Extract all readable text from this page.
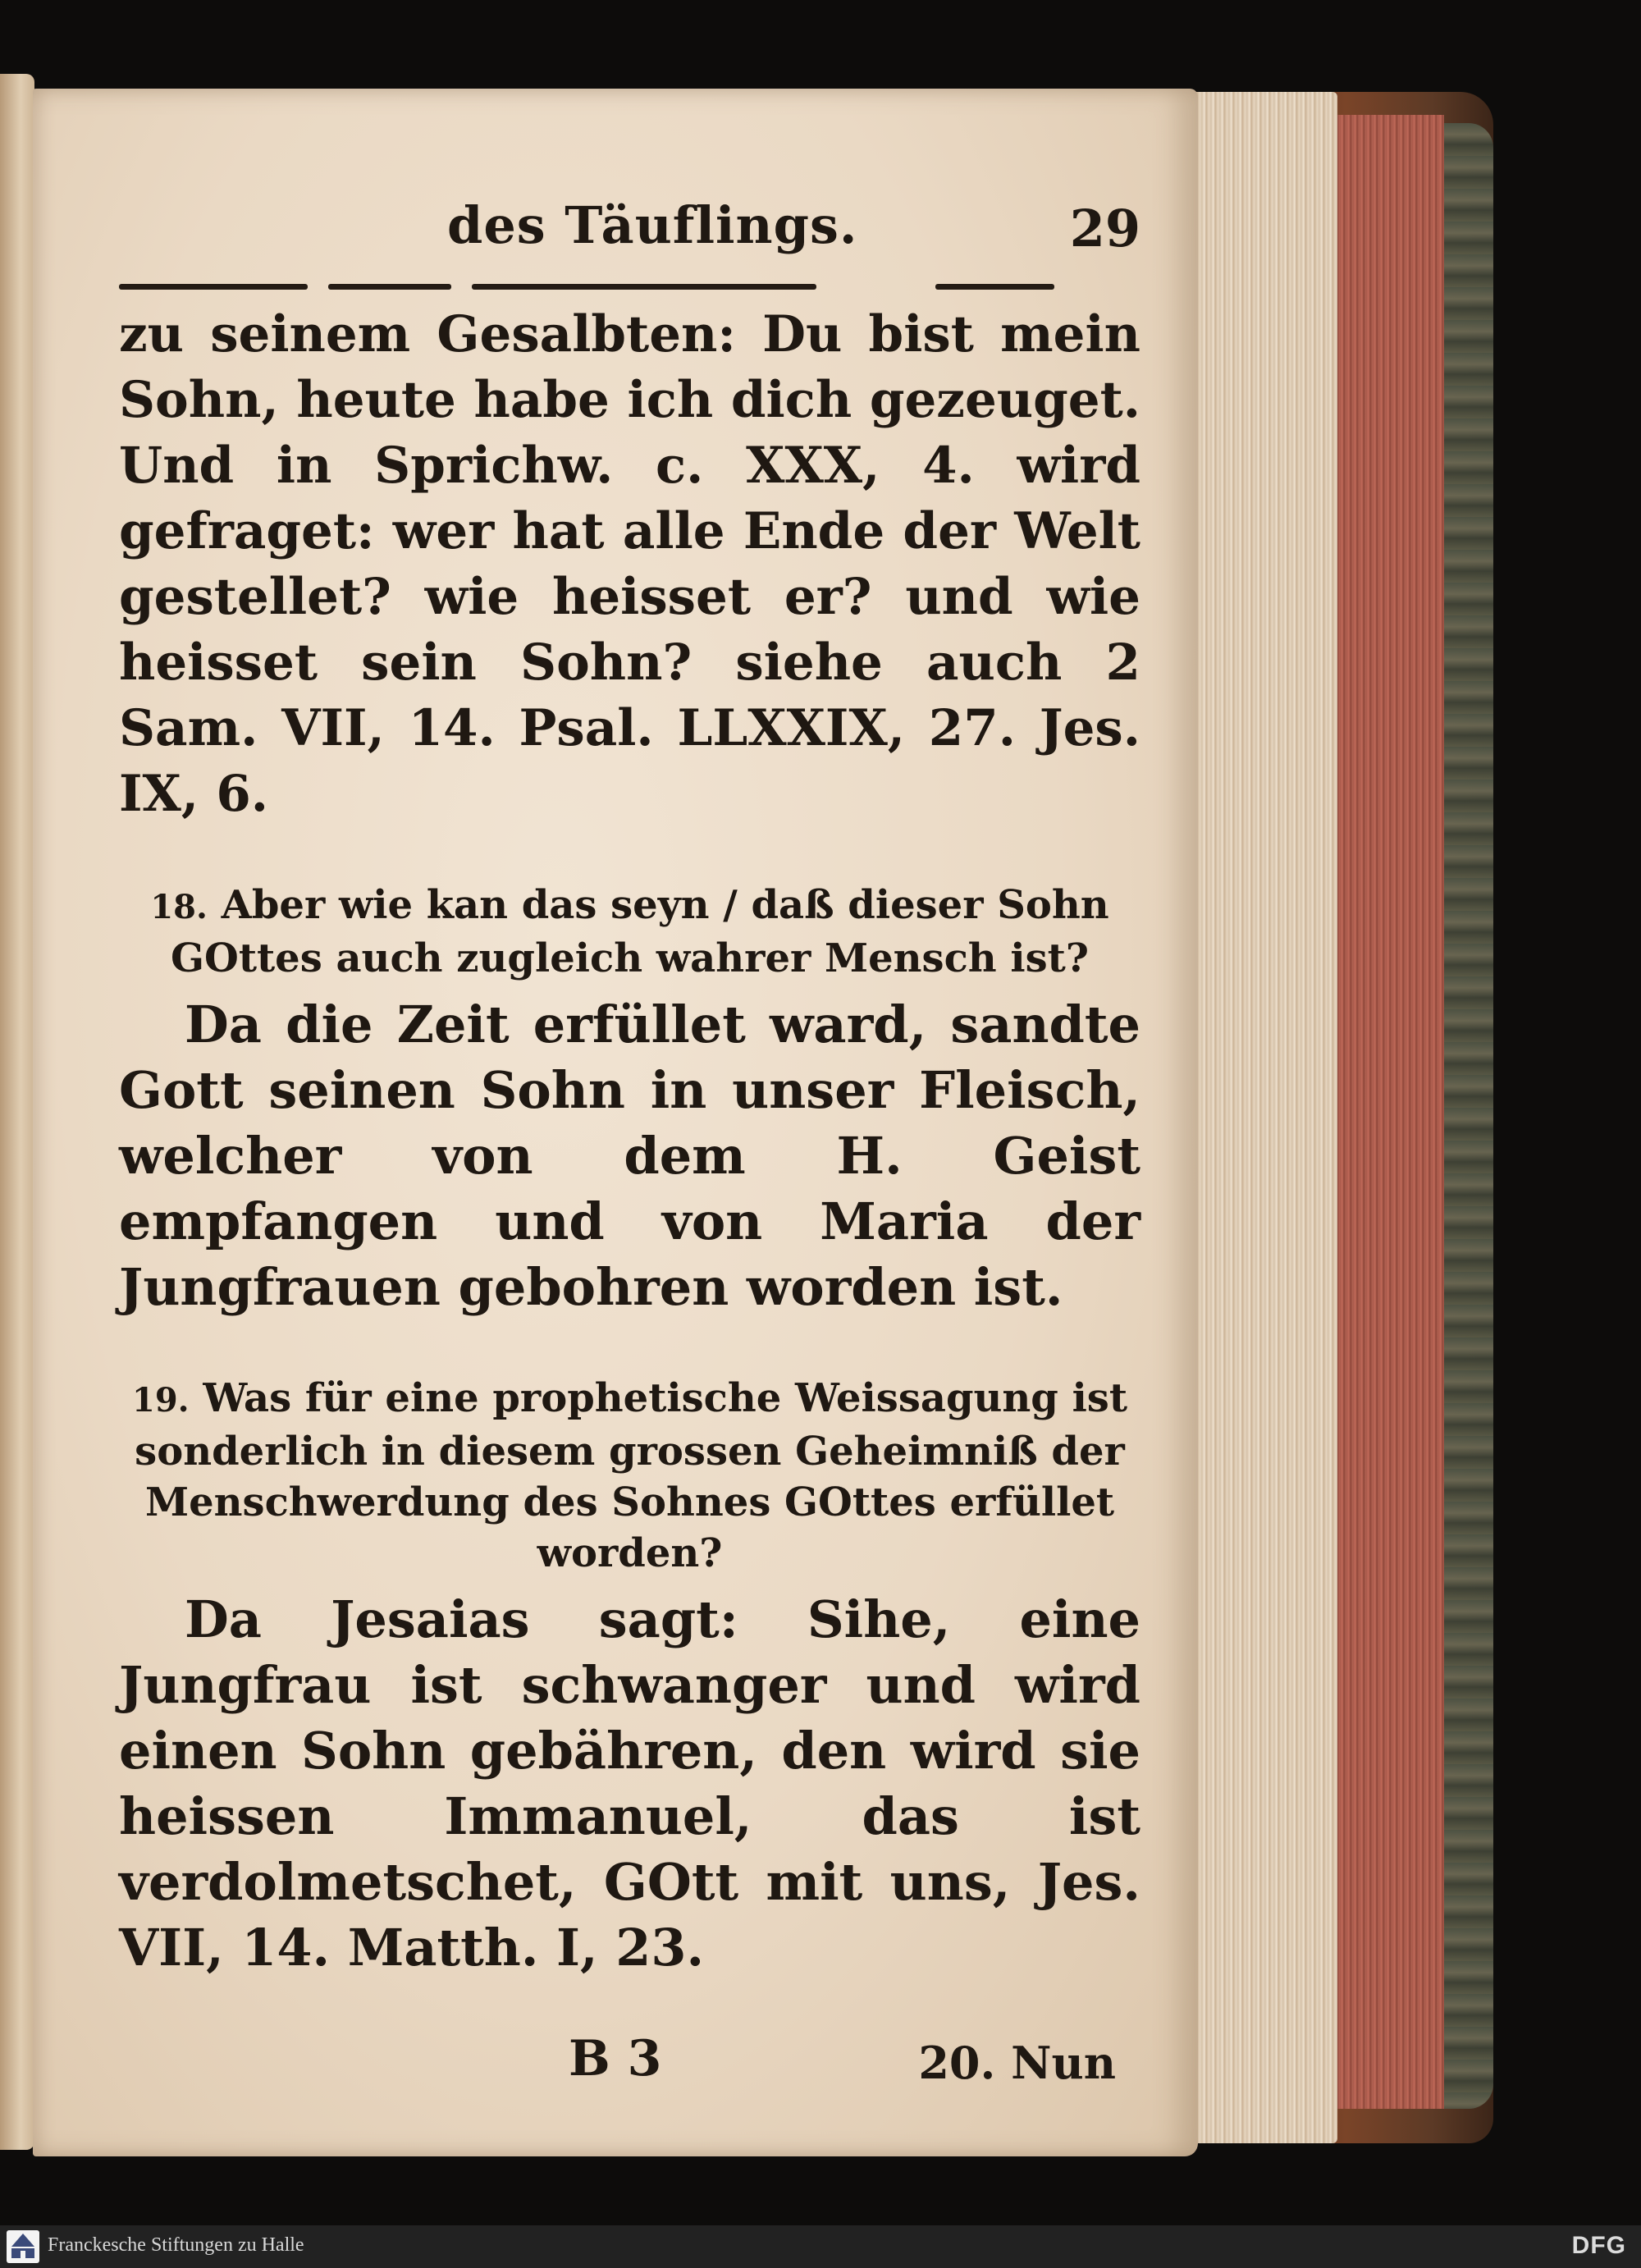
des Täuflings.	29

zu seinem Gesalbten: Du bist mein Sohn, heute habe ich dich gezeuget. Und in Sprichw. c. XXX, 4. wird gefraget: wer hat alle Ende der Welt gestellet? wie heisset er? und wie heisset sein Sohn? siehe auch 2 Sam. VII, 14. Psal. LLXXIX, 27. Jes. IX, 6.

18. Aber wie kan das seyn / daß dieser Sohn GOttes auch zugleich wahrer Mensch ist?

Da die Zeit erfüllet ward, sandte Gott seinen Sohn in unser Fleisch, welcher von dem H. Geist empfangen und von Maria der Jungfrauen gebohren worden ist.

19. Was für eine prophetische Weissagung ist sonderlich in diesem grossen Geheimniß der Menschwerdung des Sohnes GOttes erfüllet worden?

Da Jesaias sagt: Sihe, eine Jungfrau ist schwanger und wird einen Sohn gebähren, den wird sie heissen Immanuel, das ist verdolmetschet, GOtt mit uns, Jes. VII, 14. Matth. I, 23.

B 3	20. Nun
Franckesche Stiftungen zu Halle	DFG
